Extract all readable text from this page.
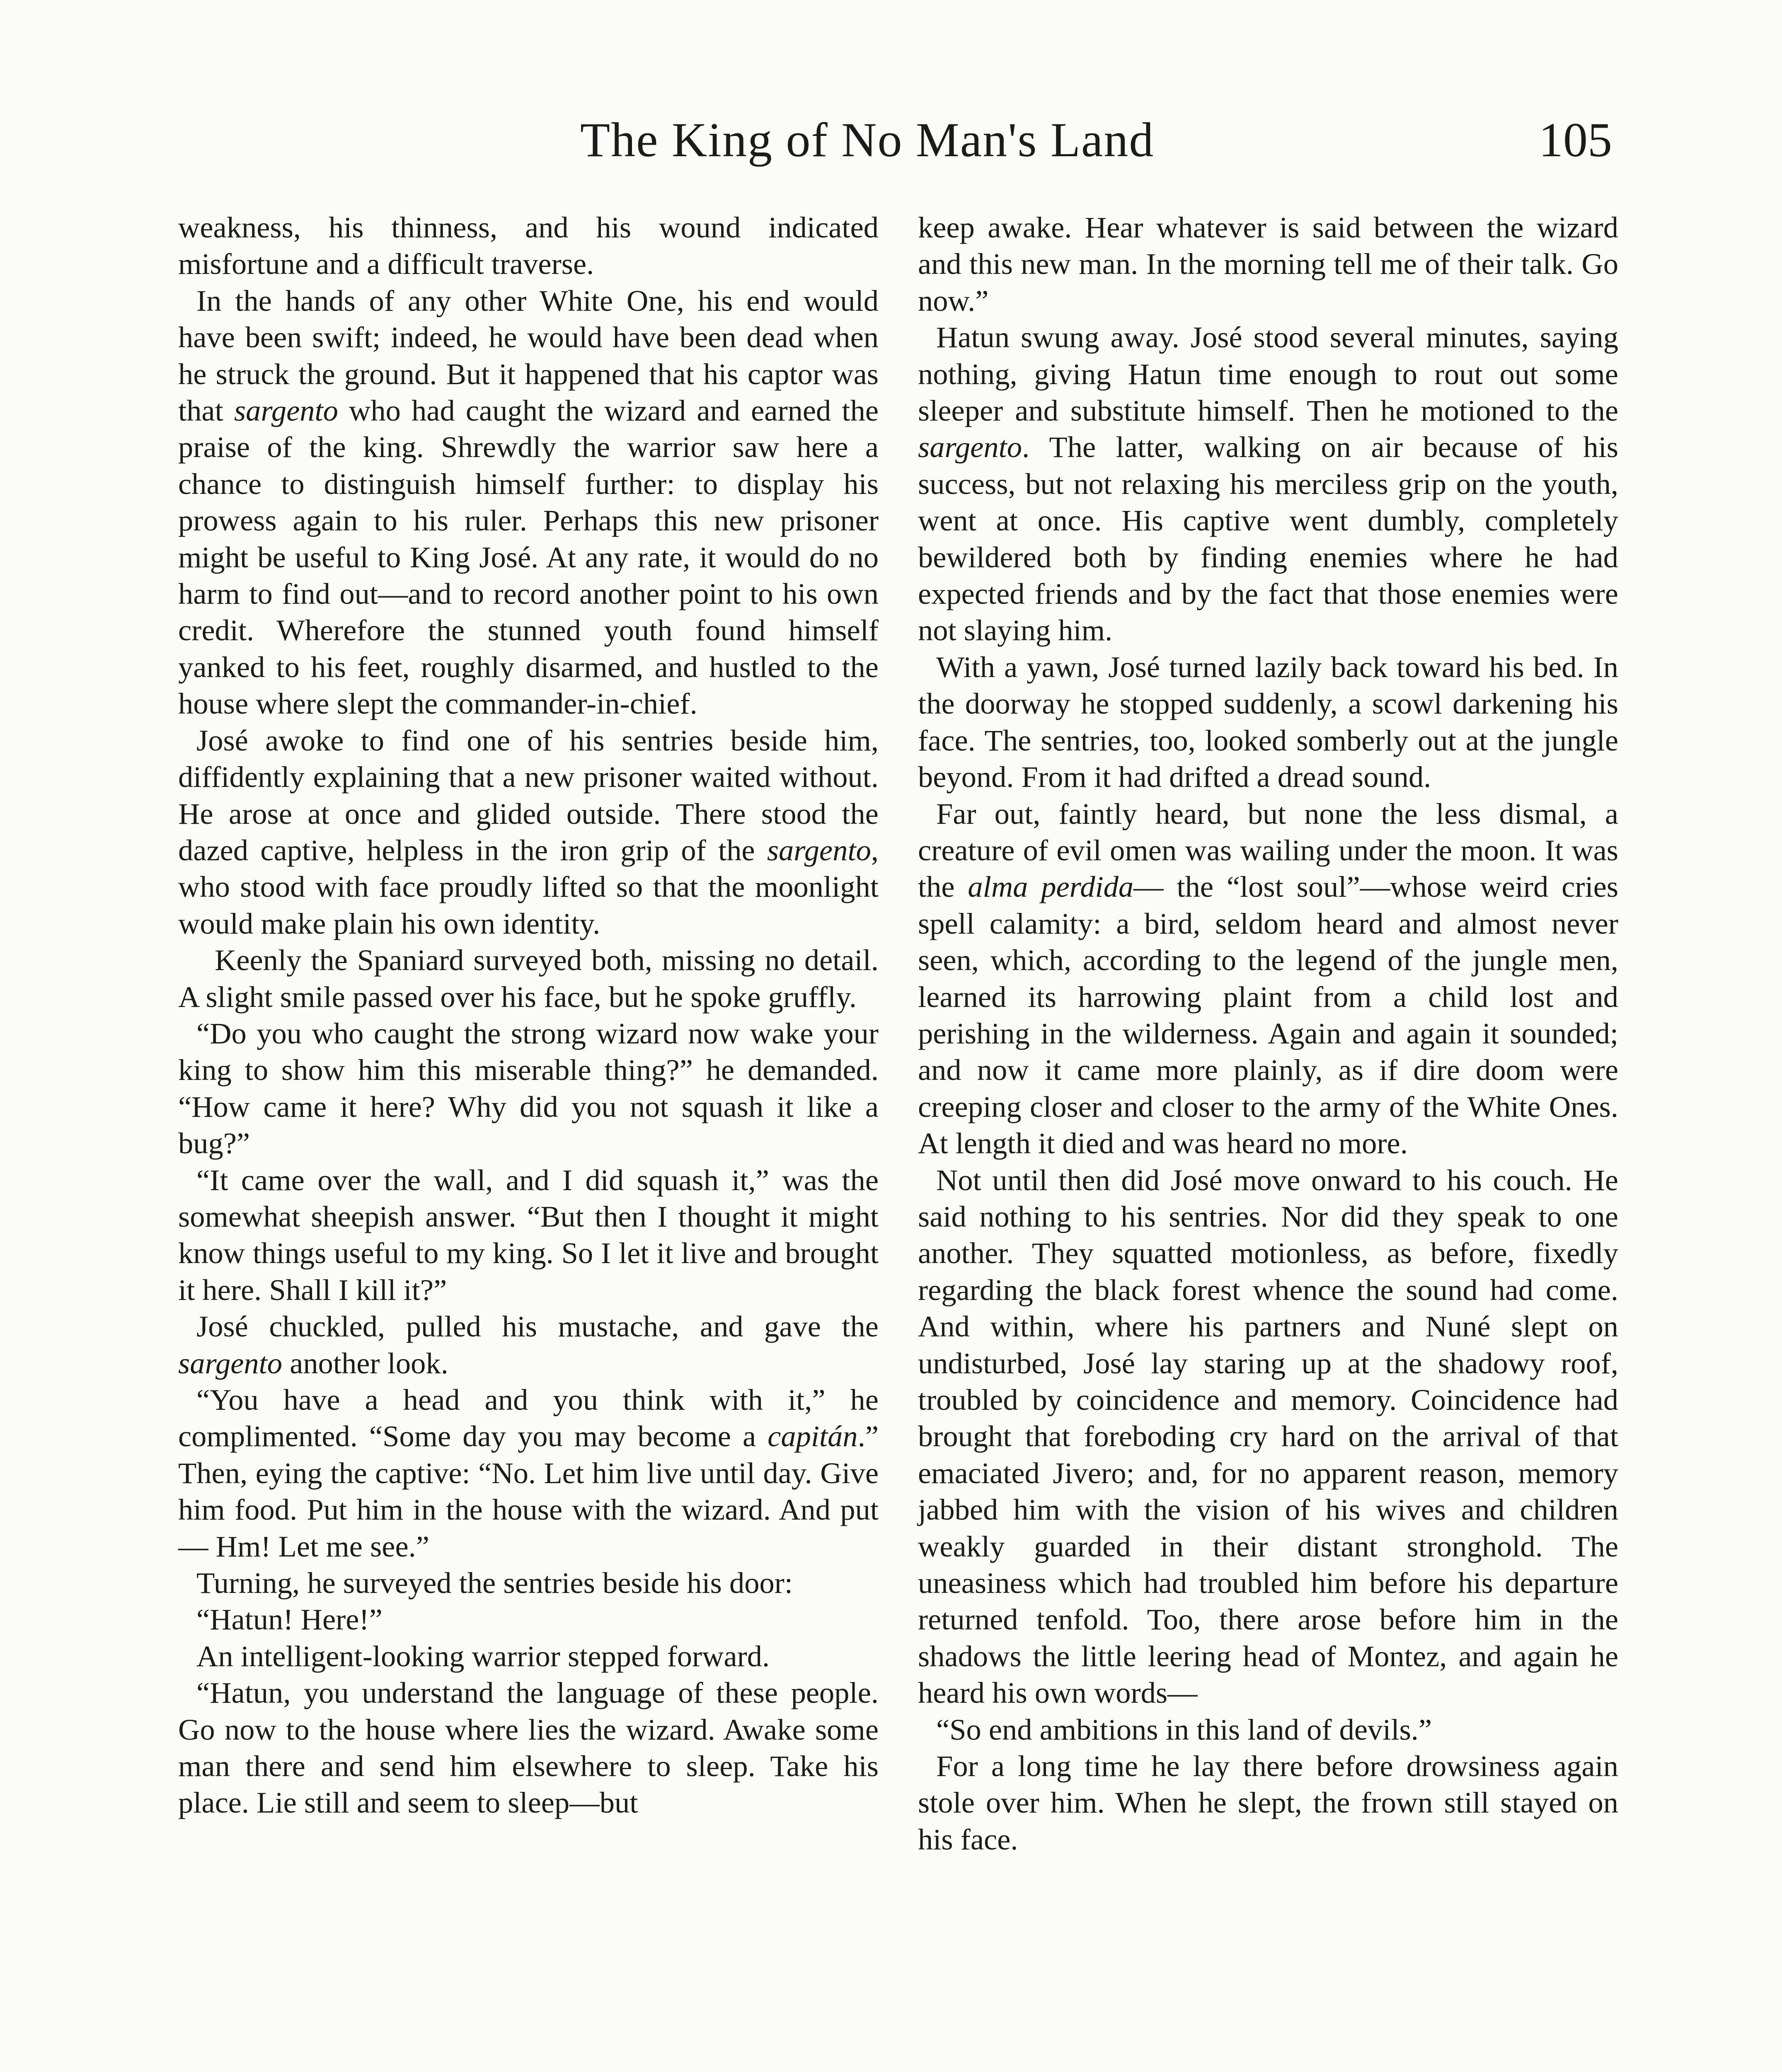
The King of No Man's Land	105

weakness, his thinness, and his wound indicated misfortune and a difficult traverse.

In the hands of any other White One, his end would have been swift; indeed, he would have been dead when he struck the ground. But it happened that his captor was that sargento who had caught the wizard and earned the praise of the king. Shrewdly the warrior saw here a chance to distinguish himself further: to display his prowess again to his ruler. Perhaps this new prisoner might be useful to King José. At any rate, it would do no harm to find out—and to record another point to his own credit. Wherefore the stunned youth found himself yanked to his feet, roughly disarmed, and hustled to the house where slept the commander-in-chief.

José awoke to find one of his sentries beside him, diffidently explaining that a new prisoner waited without. He arose at once and glided outside. There stood the dazed captive, helpless in the iron grip of the sargento, who stood with face proudly lifted so that the moonlight would make plain his own identity.

Keenly the Spaniard surveyed both, missing no detail. A slight smile passed over his face, but he spoke gruffly.

“Do you who caught the strong wizard now wake your king to show him this miserable thing?” he demanded. “How came it here? Why did you not squash it like a bug?”

“It came over the wall, and I did squash it,” was the somewhat sheepish answer. “But then I thought it might know things useful to my king. So I let it live and brought it here. Shall I kill it?”

José chuckled, pulled his mustache, and gave the sargento another look.

“You have a head and you think with it,” he complimented. “Some day you may become a capitán.” Then, eying the captive: “No. Let him live until day. Give him food. Put him in the house with the wizard. And put— Hm! Let me see.”

Turning, he surveyed the sentries beside his door:

“Hatun! Here!”

An intelligent-looking warrior stepped forward.

“Hatun, you understand the language of these people. Go now to the house where lies the wizard. Awake some man there and send him elsewhere to sleep. Take his place. Lie still and seem to sleep—but

keep awake. Hear whatever is said between the wizard and this new man. In the morning tell me of their talk. Go now.”

Hatun swung away. José stood several minutes, saying nothing, giving Hatun time enough to rout out some sleeper and substitute himself. Then he motioned to the sargento. The latter, walking on air because of his success, but not relaxing his merciless grip on the youth, went at once. His captive went dumbly, completely bewildered both by finding enemies where he had expected friends and by the fact that those enemies were not slaying him.

With a yawn, José turned lazily back toward his bed. In the doorway he stopped suddenly, a scowl darkening his face. The sentries, too, looked somberly out at the jungle beyond. From it had drifted a dread sound.

Far out, faintly heard, but none the less dismal, a creature of evil omen was wailing under the moon. It was the alma perdida— the “lost soul”—whose weird cries spell calamity: a bird, seldom heard and almost never seen, which, according to the legend of the jungle men, learned its harrowing plaint from a child lost and perishing in the wilderness. Again and again it sounded; and now it came more plainly, as if dire doom were creeping closer and closer to the army of the White Ones. At length it died and was heard no more.

Not until then did José move onward to his couch. He said nothing to his sentries. Nor did they speak to one another. They squatted motionless, as before, fixedly regarding the black forest whence the sound had come. And within, where his partners and Nuné slept on undisturbed, José lay staring up at the shadowy roof, troubled by coincidence and memory. Coincidence had brought that foreboding cry hard on the arrival of that emaciated Jivero; and, for no apparent reason, memory jabbed him with the vision of his wives and children weakly guarded in their distant stronghold. The uneasiness which had troubled him before his departure returned tenfold. Too, there arose before him in the shadows the little leering head of Montez, and again he heard his own words—

“So end ambitions in this land of devils.”

For a long time he lay there before drowsiness again stole over him. When he slept, the frown still stayed on his face.
